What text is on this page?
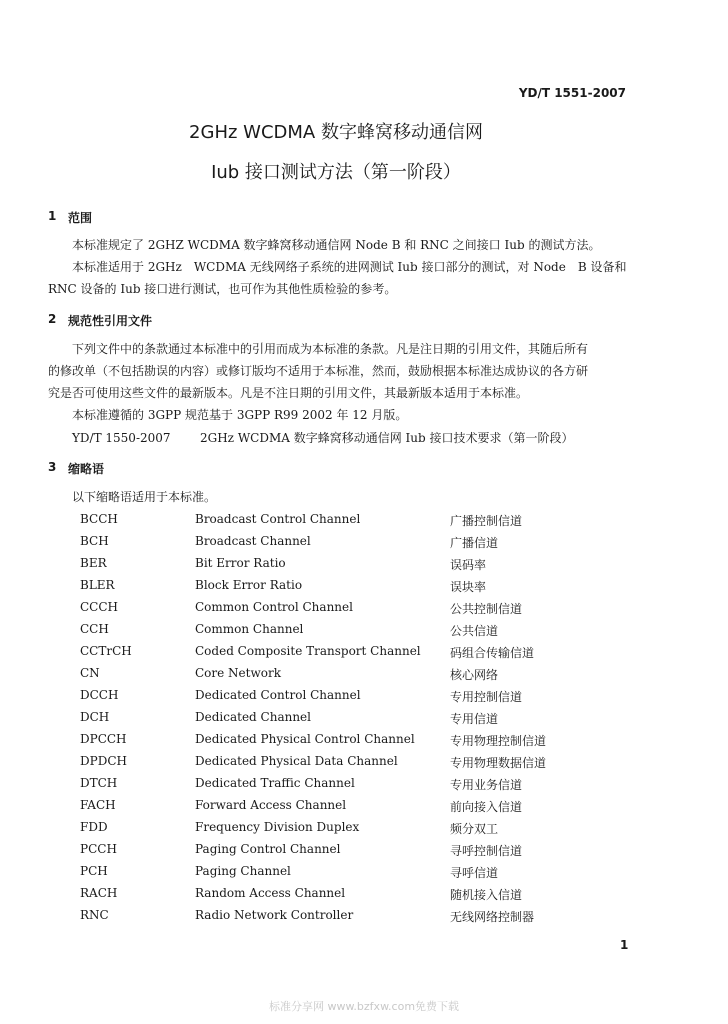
YD/T 1551-2007
2GHz WCDMA 数字蜂窝移动通信网
Iub 接口测试方法（第一阶段）
1 范围
本标准规定了 2GHZ WCDMA 数字蜂窝移动通信网 Node B 和 RNC 之间接口 Iub 的测试方法。
本标准适用于 2GHz　WCDMA 无线网络子系统的进网测试 Iub 接口部分的测试，对 Node　B 设备和
RNC 设备的 Iub 接口进行测试，也可作为其他性质检验的参考。
2 规范性引用文件
下列文件中的条款通过本标准中的引用而成为本标准的条款。凡是注日期的引用文件，其随后所有
的修改单（不包括勘误的内容）或修订版均不适用于本标准，然而，鼓励根据本标准达成协议的各方研
究是否可使用这些文件的最新版本。凡是不注日期的引用文件，其最新版本适用于本标准。
本标准遵循的 3GPP 规范基于 3GPP R99 2002 年 12 月版。
YD/T 1550-2007 2GHz WCDMA 数字蜂窝移动通信网 Iub 接口技术要求（第一阶段）
3 缩略语
以下缩略语适用于本标准。
BCCH	Broadcast Control Channel	广播控制信道
BCH	Broadcast Channel	广播信道
BER	Bit Error Ratio	误码率
BLER	Block Error Ratio	误块率
CCCH	Common Control Channel	公共控制信道
CCH	Common Channel	公共信道
CCTrCH	Coded Composite Transport Channel 码组合传输信道
CN	Core Network	核心网络
DCCH	Dedicated Control Channel	专用控制信道
DCH	Dedicated Channel	专用信道
DPCCH	Dedicated Physical Control Channel	专用物理控制信道
DPDCH	Dedicated Physical Data Channel	专用物理数据信道
DTCH	Dedicated Traffic Channel	专用业务信道
FACH	Forward Access Channel	前向接入信道
FDD	Frequency Division Duplex	频分双工
PCCH	Paging Control Channel	寻呼控制信道
PCH	Paging Channel	寻呼信道
RACH	Random Access Channel	随机接入信道
RNC	Radio Network Controller	无线网络控制器
1
标准分享网 www.bzfxw.com免费下载
